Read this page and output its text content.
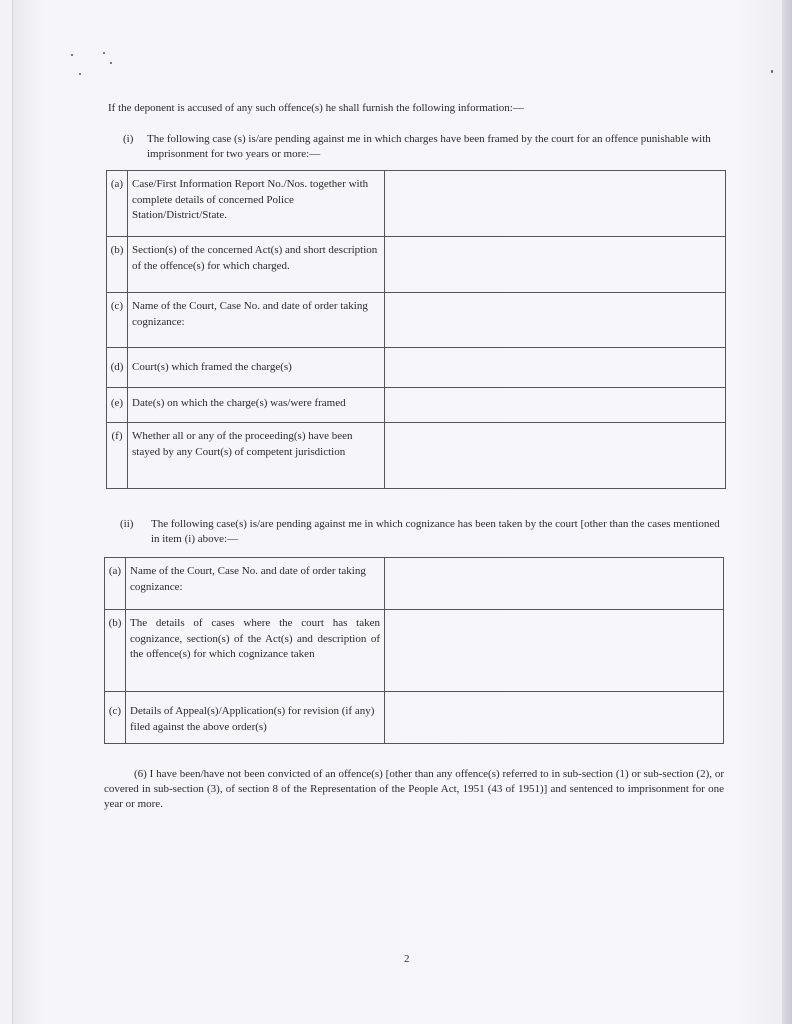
If the deponent is accused of any such offence(s) he shall furnish the following information:—
(i) The following case (s) is/are pending against me in which charges have been framed by the court for an offence punishable with imprisonment for two years or more:—
(a)	Case/First Information Report No./Nos. together with complete details of concerned Police Station/District/State.	
(b)	Section(s) of the concerned Act(s) and short description of the offence(s) for which charged.	
(c)	Name of the Court, Case No. and date of order taking cognizance:	
(d)	Court(s) which framed the charge(s)	
(e)	Date(s) on which the charge(s) was/were framed	
(f)	Whether all or any of the proceeding(s) have been stayed by any Court(s) of competent jurisdiction	
(ii) The following case(s) is/are pending against me in which cognizance has been taken by the court [other than the cases mentioned in item (i) above:—
(a)	Name of the Court, Case No. and date of order taking cognizance:	
(b)	The details of cases where the court has taken cognizance, section(s) of the Act(s) and description of the offence(s) for which cognizance taken	
(c)	Details of Appeal(s)/Application(s) for revision (if any) filed against the above order(s)	
(6) I have been/have not been convicted of an offence(s) [other than any offence(s) referred to in sub-section (1) or sub-section (2), or covered in sub-section (3), of section 8 of the Representation of the People Act, 1951 (43 of 1951)] and sentenced to imprisonment for one year or more.
2
